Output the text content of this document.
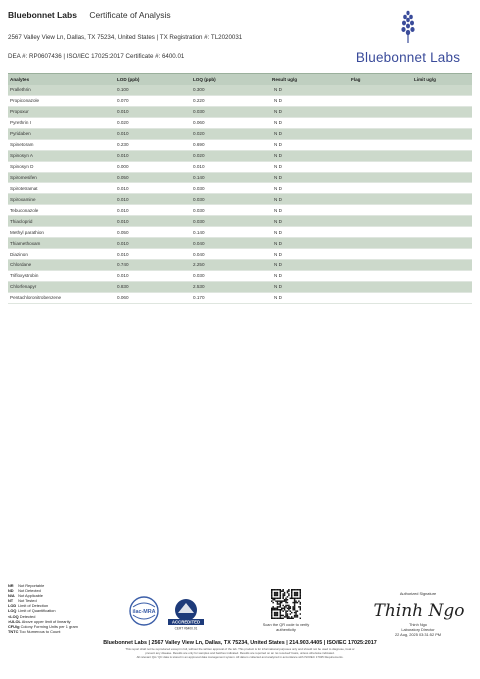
Bluebonnet Labs Certificate of Analysis
2567 Valley View Ln, Dallas, TX 75234, United States | TX Registration #: TL2020031
DEA #: RP0607436 | ISO/IEC 17025:2017 Certificate #: 6400.01	Bluebonnet Labs
Analytes	LOD (ppb)	LOQ (ppb)	Result ug/g	Flag	Limit ug/g
Prallethrin	0.100	0.300	N D
Propiconazole	0.070	0.220	N D
Propoxur	0.010	0.030	N D
Pyrethrin I	0.020	0.060	N D
Pyridaben	0.010	0.020	N D
Spinetoram	0.230	0.690	N D
Spinosyn A	0.010	0.020	N D
Spinosyn D	0.000	0.010	N D
Spiromesifen	0.050	0.140	N D
Spirotetramat	0.010	0.030	N D
Spiroxamine	0.010	0.030	N D
Tebuconazole	0.010	0.030	N D
Thiacloprid	0.010	0.030	N D
Methyl parathion	0.050	0.140	N D
Thiamethoxam	0.010	0.040	N D
Diazinon	0.010	0.040	N D
Chlordane	0.740	2.250	N D
Trifloxystrobin	0.010	0.030	N D
Chlorfenapyr	0.830	2.530	N D
Pentachloronitrobenzene	0.060	0.170	N D
NR Not Reportable
ND Not Detected
N/A Not Applicable
NT Not Tested
LOD Limit of Detection
LOQ Limit of Quantification
<LOQ Detected
>ULOL Above upper limit of linearity
CFU/g Colony Forming Units per 1 gram
TNTC Too Numerous to Count
ilac-MRA
ACCREDITED
CERT #6400.01
Scan the QR code to verify authenticity
Authorized Signature
Thinh Ngo
Thinh Ngo
Laboratory Director
22 Aug, 2025 03:31:52 PM
Bluebonnet Labs | 2567 Valley View Ln, Dallas, TX 75234, United States | 214.903.4405 | ISO/IEC 17025:2017
This report shall not be reproduced except in full, without the written approval of the lab. This product is for informational purposes only and should not be used to diagnose, treat or
prevent any disease. Results are only for samples and batches indicated. Results are reported on an 'as received' basis, unless otherwise indicated.
All relevant QA / QC data is stored in an approved data management system. All data is collected and analyzed in accordance with ISO/IEC 17025 Requirements.
